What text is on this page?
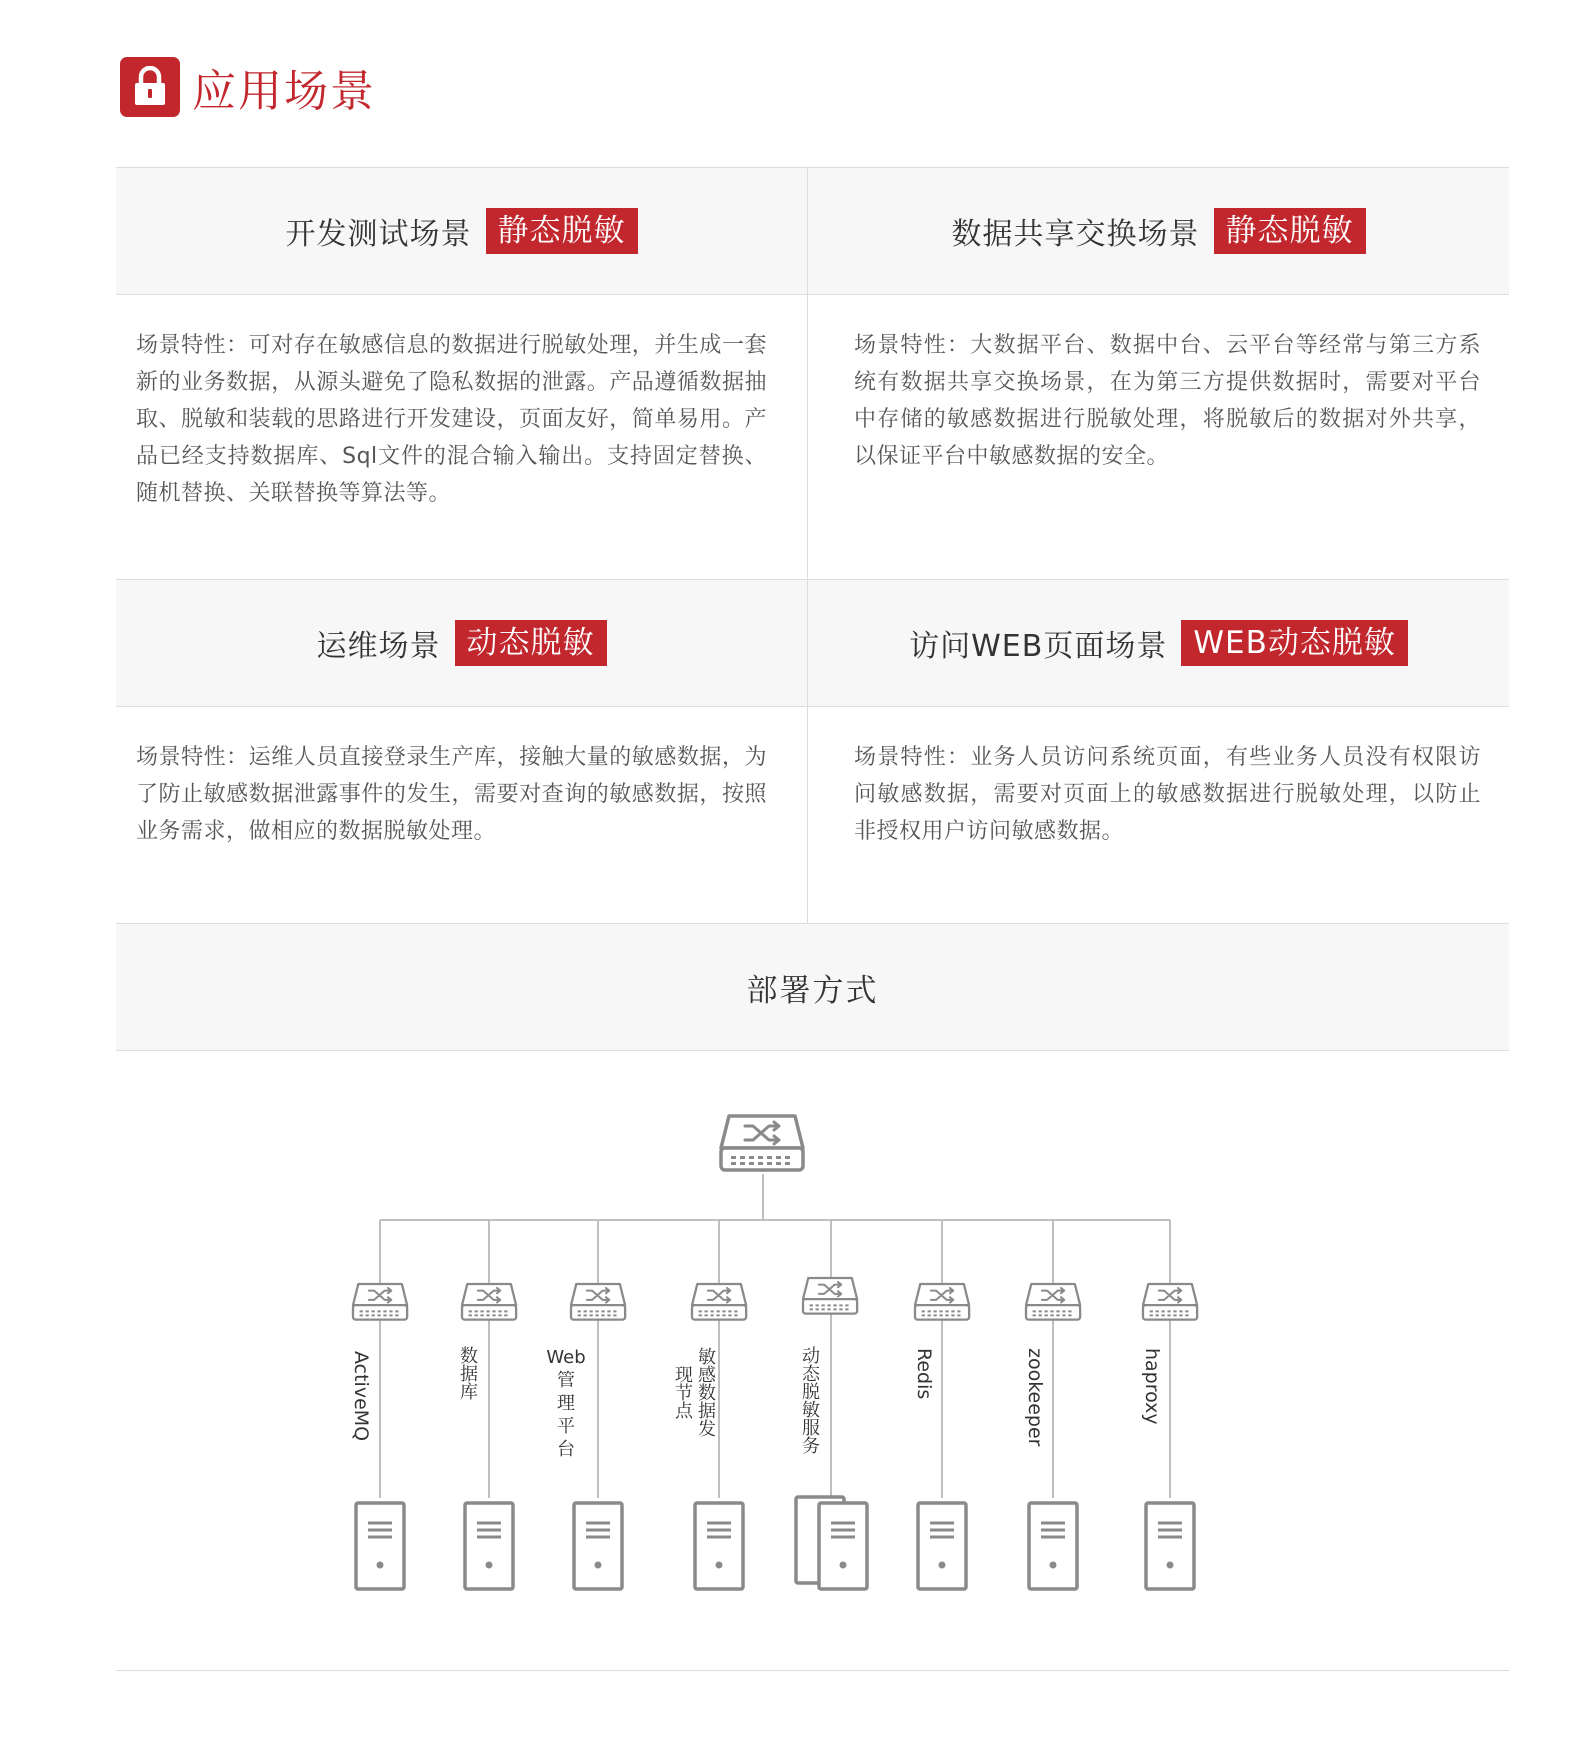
应用场景
开发测试场景 静态脱敏	数据共享交换场景 静态脱敏
场景特性：可对存在敏感信息的数据进行脱敏处理，并生成一套新的业务数据，从源头避免了隐私数据的泄露。产品遵循数据抽取、脱敏和装载的思路进行开发建设，页面友好，简单易用。产品已经支持数据库、Sql文件的混合输入输出。支持固定替换、随机替换、关联替换等算法等。
场景特性：大数据平台、数据中台、云平台等经常与第三方系统有数据共享交换场景，在为第三方提供数据时，需要对平台中存储的敏感数据进行脱敏处理，将脱敏后的数据对外共享，以保证平台中敏感数据的安全。
运维场景 动态脱敏	访问WEB页面场景 WEB动态脱敏
场景特性：运维人员直接登录生产库，接触大量的敏感数据，为了防止敏感数据泄露事件的发生，需要对查询的敏感数据，按照业务需求，做相应的数据脱敏处理。
场景特性：业务人员访问系统页面，有些业务人员没有权限访问敏感数据，需要对页面上的敏感数据进行脱敏处理，以防止非授权用户访问敏感数据。
部署方式
ActiveMQ	数据库	Web
管
理
平
台
敏感数据发现节点	动态脱敏服务	Redis	zookeeper	haproxy
